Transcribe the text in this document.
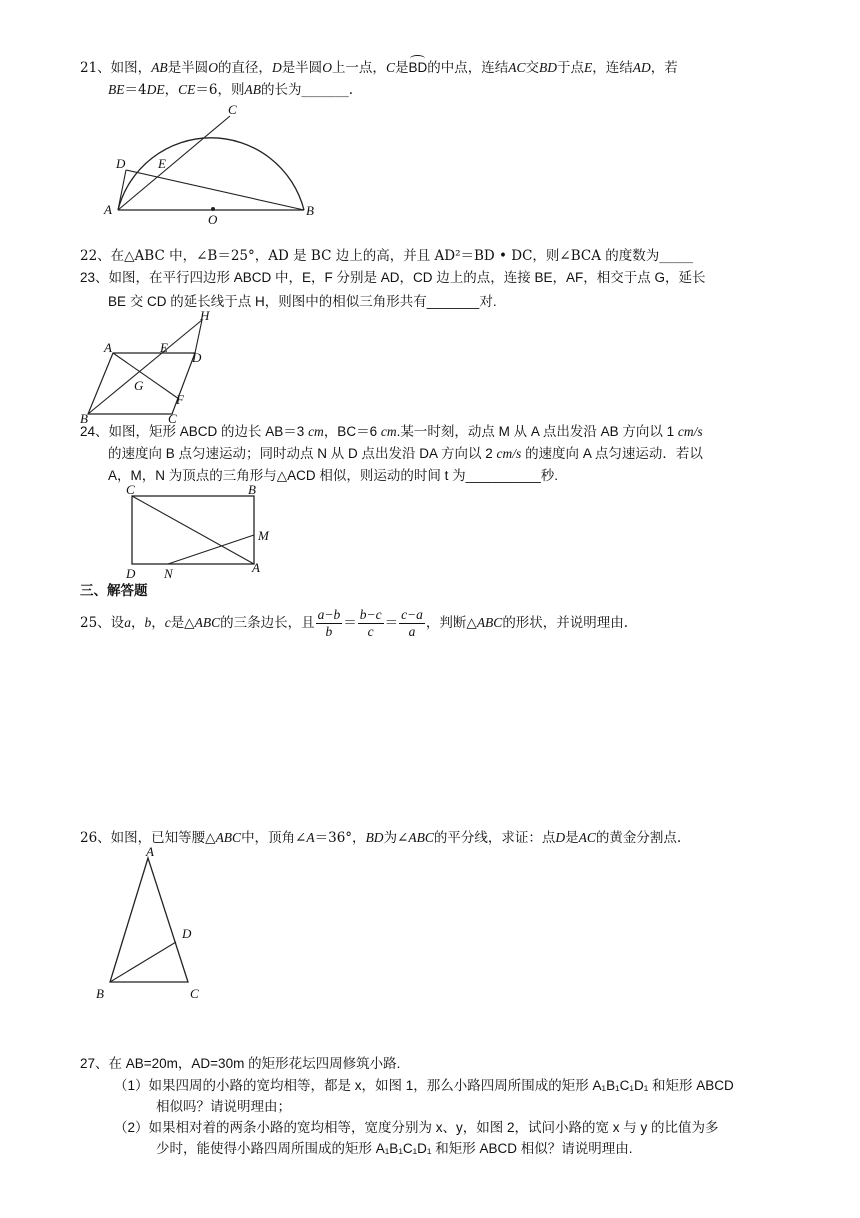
21、如图，AB是半圆O的直径，D是半圆O上一点，C是BD的中点，连结AC交BD于点E，连结AD，若
BE＝4DE，CE＝6，则AB的长为_______.
C
D	E
A
O
B
22、在△ABC 中，∠B＝25°，AD 是 BC 边上的高，并且 AD²＝BD • DC，则∠BCA 的度数为_____
23、如图，在平行四边形 ABCD 中，E，F 分别是 AD，CD 边上的点，连接 BE，AF，相交于点 G，延长
BE 交 CD 的延长线于点 H，则图中的相似三角形共有_______对.
H
A	E
D
G
F
B	C
24、如图，矩形 ABCD 的边长 AB＝3 cm，BC＝6 cm.某一时刻，动点 M 从 A 点出发沿 AB 方向以 1 cm/s
的速度向 B 点匀速运动；同时动点 N 从 D 点出发沿 DA 方向以 2 cm/s 的速度向 A 点匀速运动．若以
A，M，N 为顶点的三角形与△ACD 相似，则运动的时间 t 为__________秒.
C	B
M
D N	A
三、解答题
25、设a，b，c是△ABC的三条边长，且 $\frac{a-b}{b} = \frac{b-c}{c} = \frac{c-a}{a}$ ，判断△ABC的形状，并说明理由.
26、如图，已知等腰△ABC中，顶角∠A＝36°，BD为∠ABC的平分线，求证：点D是AC的黄金分割点.
A
D
B	C
27、在 AB=20m，AD=30m 的矩形花坛四周修筑小路.
（1）如果四周的小路的宽均相等，都是 x，如图 1，那么小路四周所围成的矩形 A₁B₁C₁D₁ 和矩形 ABCD
相似吗？请说明理由；
（2）如果相对着的两条小路的宽均相等，宽度分别为 x、y，如图 2，试问小路的宽 x 与 y 的比值为多
少时，能使得小路四周所围成的矩形 A₁B₁C₁D₁ 和矩形 ABCD 相似？请说明理由.
